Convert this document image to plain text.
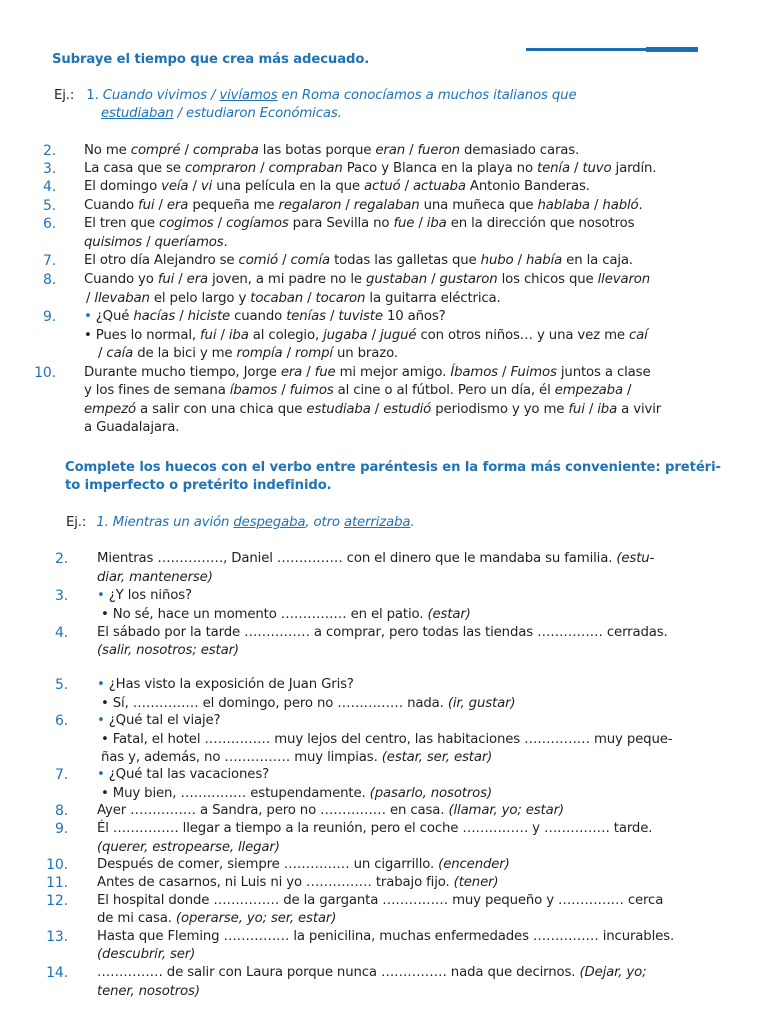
Subraye el tiempo que crea más adecuado.
Ej.: 1. Cuando vivimos / vivíamos en Roma conocíamos a muchos italianos que
estudiaban / estudiaron Económicas.
2. No me compré / compraba las botas porque eran / fueron demasiado caras.
3. La casa que se compraron / compraban Paco y Blanca en la playa no tenía / tuvo jardín.
4. El domingo veía / vi una película en la que actuó / actuaba Antonio Banderas.
5. Cuando fui / era pequeña me regalaron / regalaban una muñeca que hablaba / habló.
6. El tren que cogimos / cogíamos para Sevilla no fue / iba en la dirección que nosotros
quisimos / queríamos.
7. El otro día Alejandro se comió / comía todas las galletas que hubo / había en la caja.
8. Cuando yo fui / era joven, a mi padre no le gustaban / gustaron los chicos que llevaron
/ llevaban el pelo largo y tocaban / tocaron la guitarra eléctrica.
9. • ¿Qué hacías / hiciste cuando tenías / tuviste 10 años?
• Pues lo normal, fui / iba al colegio, jugaba / jugué con otros niños… y una vez me caí
/ caía de la bici y me rompía / rompí un brazo.
10. Durante mucho tiempo, Jorge era / fue mi mejor amigo. Íbamos / Fuimos juntos a clase
y los fines de semana íbamos / fuimos al cine o al fútbol. Pero un día, él empezaba /
empezó a salir con una chica que estudiaba / estudió periodismo y yo me fui / iba a vivir
a Guadalajara.
Complete los huecos con el verbo entre paréntesis en la forma más conveniente: pretéri-
to imperfecto o pretérito indefinido.
Ej.: 1. Mientras un avión despegaba, otro aterrizaba.
2. Mientras ……………, Daniel …………… con el dinero que le mandaba su familia. (estu-
diar, mantenerse)
3. • ¿Y los niños?
• No sé, hace un momento …………… en el patio. (estar)
4. El sábado por la tarde …………… a comprar, pero todas las tiendas …………… cerradas.
(salir, nosotros; estar)
5. • ¿Has visto la exposición de Juan Gris?
• Sí, …………… el domingo, pero no …………… nada. (ir, gustar)
6. • ¿Qué tal el viaje?
• Fatal, el hotel …………… muy lejos del centro, las habitaciones …………… muy peque-
ñas y, además, no …………… muy limpias. (estar, ser, estar)
7. • ¿Qué tal las vacaciones?
• Muy bien, …………… estupendamente. (pasarlo, nosotros)
8. Ayer …………… a Sandra, pero no …………… en casa. (llamar, yo; estar)
9. Él …………… llegar a tiempo a la reunión, pero el coche …………… y …………… tarde.
(querer, estropearse, llegar)
10. Después de comer, siempre …………… un cigarrillo. (encender)
11. Antes de casarnos, ni Luis ni yo …………… trabajo fijo. (tener)
12. El hospital donde …………… de la garganta …………… muy pequeño y …………… cerca
de mi casa. (operarse, yo; ser, estar)
13. Hasta que Fleming …………… la penicilina, muchas enfermedades …………… incurables.
(descubrir, ser)
14. …………… de salir con Laura porque nunca …………… nada que decirnos. (Dejar, yo;
tener, nosotros)
